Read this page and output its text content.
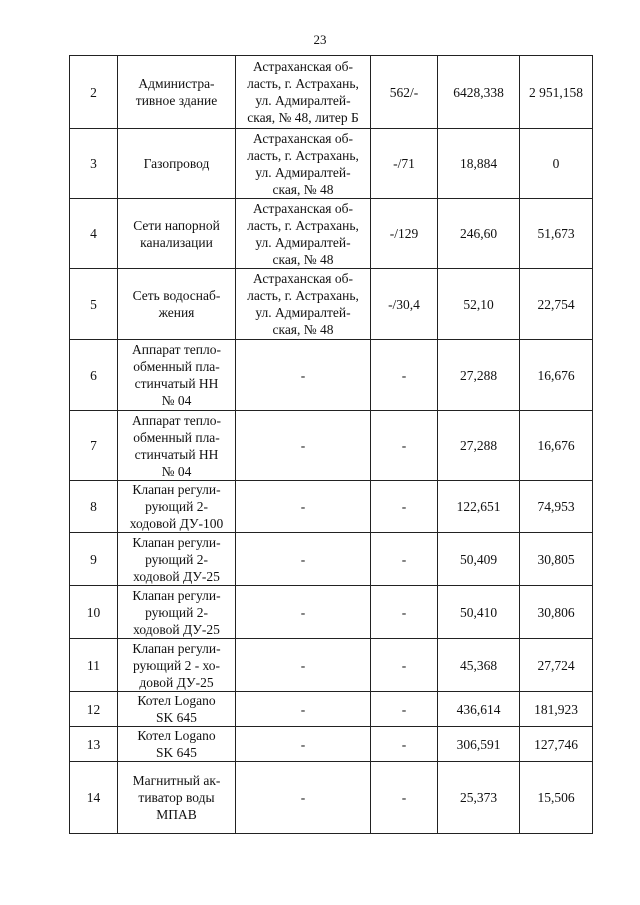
23
2	Администра-
тивное здание	Астраханская об-
ласть, г. Астрахань,
ул. Адмиралтей-
ская, № 48, литер Б	562/-	6428,338	2 951,158
3	Газопровод	Астраханская об-
ласть, г. Астрахань,
ул. Адмиралтей-
ская, № 48	-/71	18,884	0
4	Сети напорной
канализации	Астраханская об-
ласть, г. Астрахань,
ул. Адмиралтей-
ская, № 48	-/129	246,60	51,673
5	Сеть водоснаб-
жения	Астраханская об-
ласть, г. Астрахань,
ул. Адмиралтей-
ская, № 48	-/30,4	52,10	22,754
6	Аппарат тепло-
обменный пла-
стинчатый НН
№ 04	-	-	27,288	16,676
7	Аппарат тепло-
обменный пла-
стинчатый НН
№ 04	-	-	27,288	16,676
8	Клапан регули-
рующий 2-
ходовой ДУ-100	-	-	122,651	74,953
9	Клапан регули-
рующий 2-
ходовой ДУ-25	-	-	50,409	30,805
10	Клапан регули-
рующий 2-
ходовой ДУ-25	-	-	50,410	30,806
11	Клапан регули-
рующий 2 - хо-
довой ДУ-25	-	-	45,368	27,724
12	Котел Logano
SK 645	-	-	436,614	181,923
13	Котел Logano
SK 645	-	-	306,591	127,746
14	Магнитный ак-
тиватор воды
МПАВ	-	-	25,373	15,506
